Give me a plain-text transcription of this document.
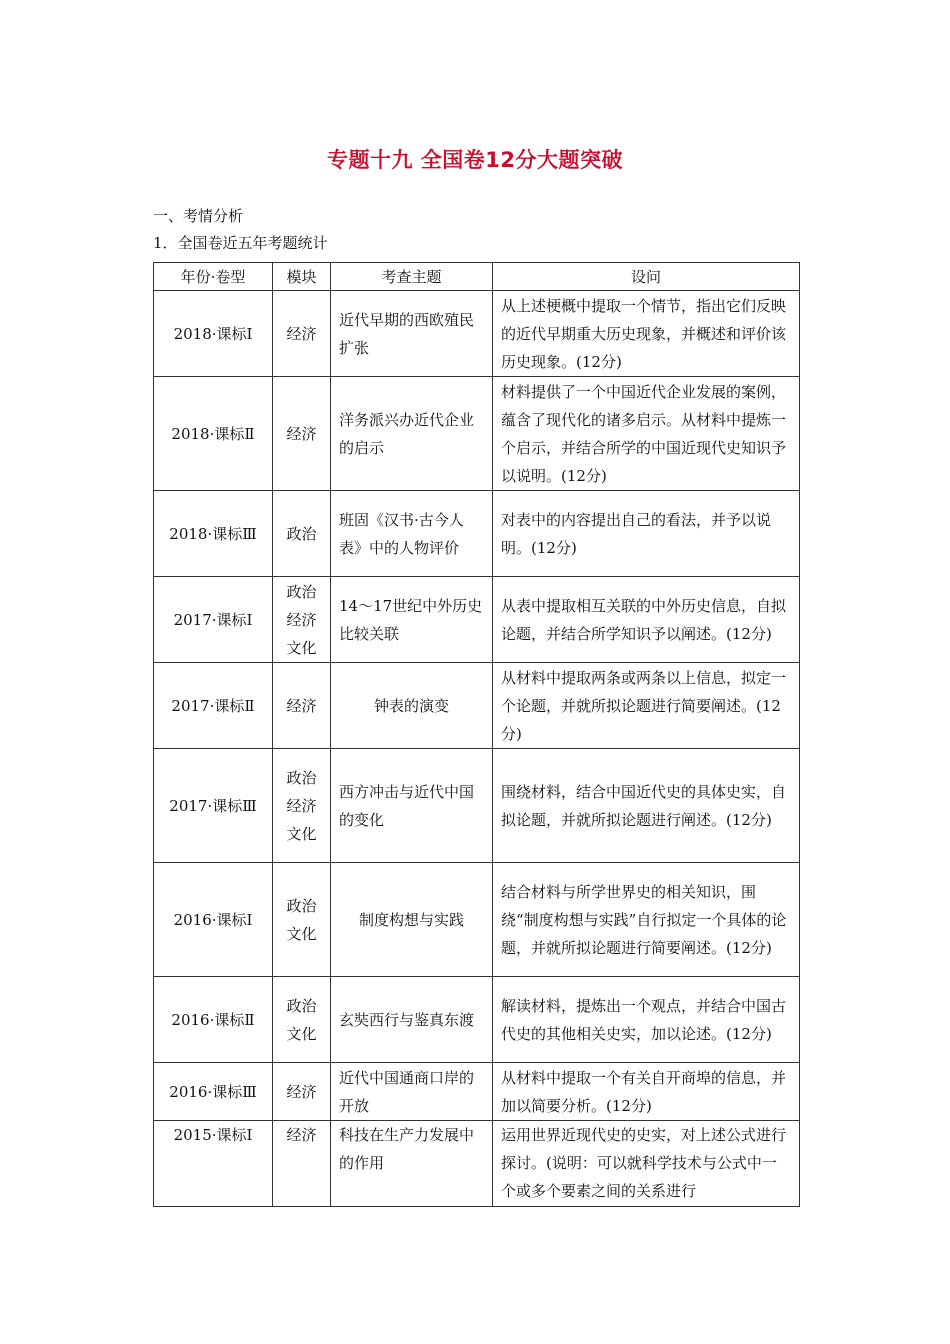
专题十九 全国卷12分大题突破
一、考情分析
1．全国卷近五年考题统计
年份·卷型	模块	考查主题	设问
2018·课标Ⅰ	经济	近代早期的西欧殖民扩张	从上述梗概中提取一个情节，指出它们反映的近代早期重大历史现象，并概述和评价该历史现象。(12分)
2018·课标Ⅱ	经济	洋务派兴办近代企业的启示	材料提供了一个中国近代企业发展的案例，蕴含了现代化的诸多启示。从材料中提炼一个启示，并结合所学的中国近现代史知识予以说明。(12分)
2018·课标Ⅲ	政治	班固《汉书·古今人表》中的人物评价	对表中的内容提出自己的看法，并予以说明。(12分)
2017·课标Ⅰ	政治经济文化	14～17世纪中外历史比较关联	从表中提取相互关联的中外历史信息，自拟论题，并结合所学知识予以阐述。(12分)
2017·课标Ⅱ	经济	钟表的演变	从材料中提取两条或两条以上信息，拟定一个论题，并就所拟论题进行简要阐述。(12分)
2017·课标Ⅲ	政治经济文化	西方冲击与近代中国的变化	围绕材料，结合中国近代史的具体史实，自拟论题，并就所拟论题进行阐述。(12分)
2016·课标Ⅰ	政治文化	制度构想与实践	结合材料与所学世界史的相关知识，围绕“制度构想与实践”自行拟定一个具体的论题，并就所拟论题进行简要阐述。(12分)
2016·课标Ⅱ	政治文化	玄奘西行与鉴真东渡	解读材料，提炼出一个观点，并结合中国古代史的其他相关史实，加以论述。(12分)
2016·课标Ⅲ	经济	近代中国通商口岸的开放	从材料中提取一个有关自开商埠的信息，并加以简要分析。(12分)
2015·课标Ⅰ	经济	科技在生产力发展中的作用	运用世界近现代史的史实，对上述公式进行探讨。(说明：可以就科学技术与公式中一个或多个要素之间的关系进行
